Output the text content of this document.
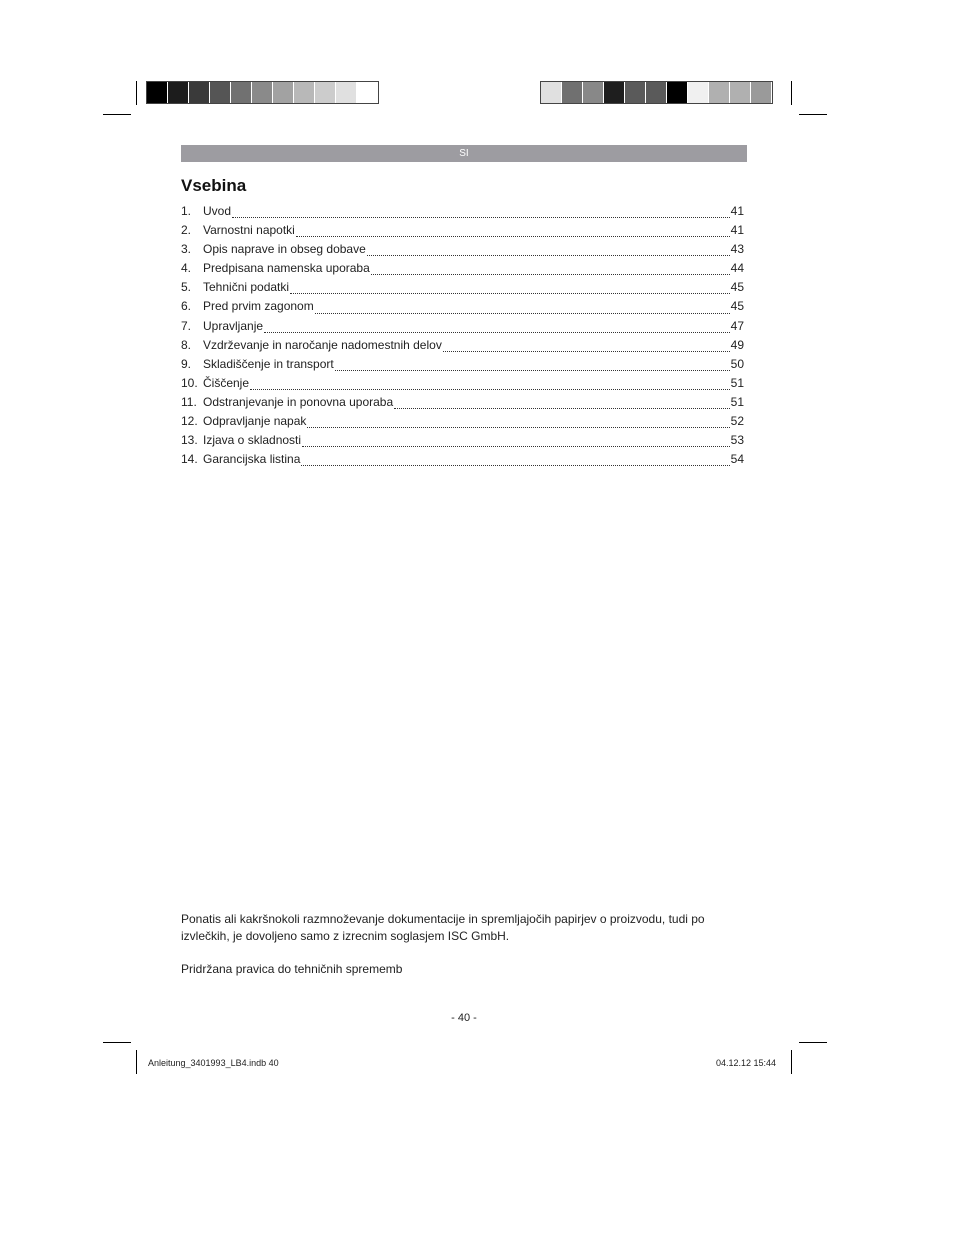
SI
Vsebina
1. Uvod	41
2. Varnostni napotki	41
3. Opis naprave in obseg dobave	43
4. Predpisana namenska uporaba	44
5. Tehnični podatki	45
6. Pred prvim zagonom	45
7. Upravljanje	47
8. Vzdrževanje in naročanje nadomestnih delov	49
9. Skladiščenje in transport	50
10. Čiščenje	51
11. Odstranjevanje in ponovna uporaba	51
12. Odpravljanje napak	52
13. Izjava o skladnosti	53
14. Garancijska listina	54

Ponatis ali kakršnokoli razmnoževanje dokumentacije in spremljajočih papirjev o proizvodu, tudi po izvlečkih, je dovoljeno samo z izrecnim soglasjem ISC GmbH.

Pridržana pravica do tehničnih sprememb

- 40 -
Anleitung_3401993_LB4.indb 40	04.12.12 15:44
